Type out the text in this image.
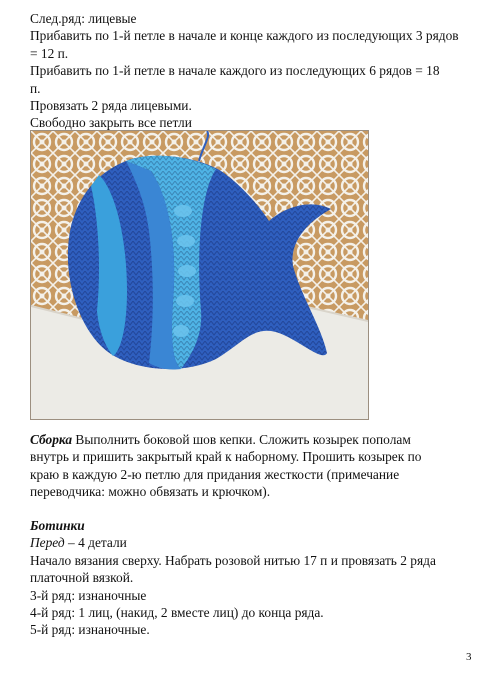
След.ряд: лицевые
Прибавить по 1-й петле в начале и конце каждого из последующих 3 рядов
= 12 п.
Прибавить по 1-й петле в начале каждого из последующих 6 рядов = 18
п.
Провязать 2 ряда лицевыми.
Свободно закрыть все петли
Сборка Выполнить боковой шов кепки. Сложить козырек пополам
внутрь и пришить закрытый край к наборному. Прошить козырек по
краю в каждую 2-ю петлю для придания жесткости (примечание
переводчика: можно обвязать и крючком).
Ботинки
Перед – 4 детали
Начало вязания сверху. Набрать розовой нитью 17 п и провязать 2 ряда
платочной вязкой.
3-й ряд: изнаночные
4-й ряд: 1 лиц, (накид, 2 вместе лиц) до конца ряда.
5-й ряд: изнаночные.
3
